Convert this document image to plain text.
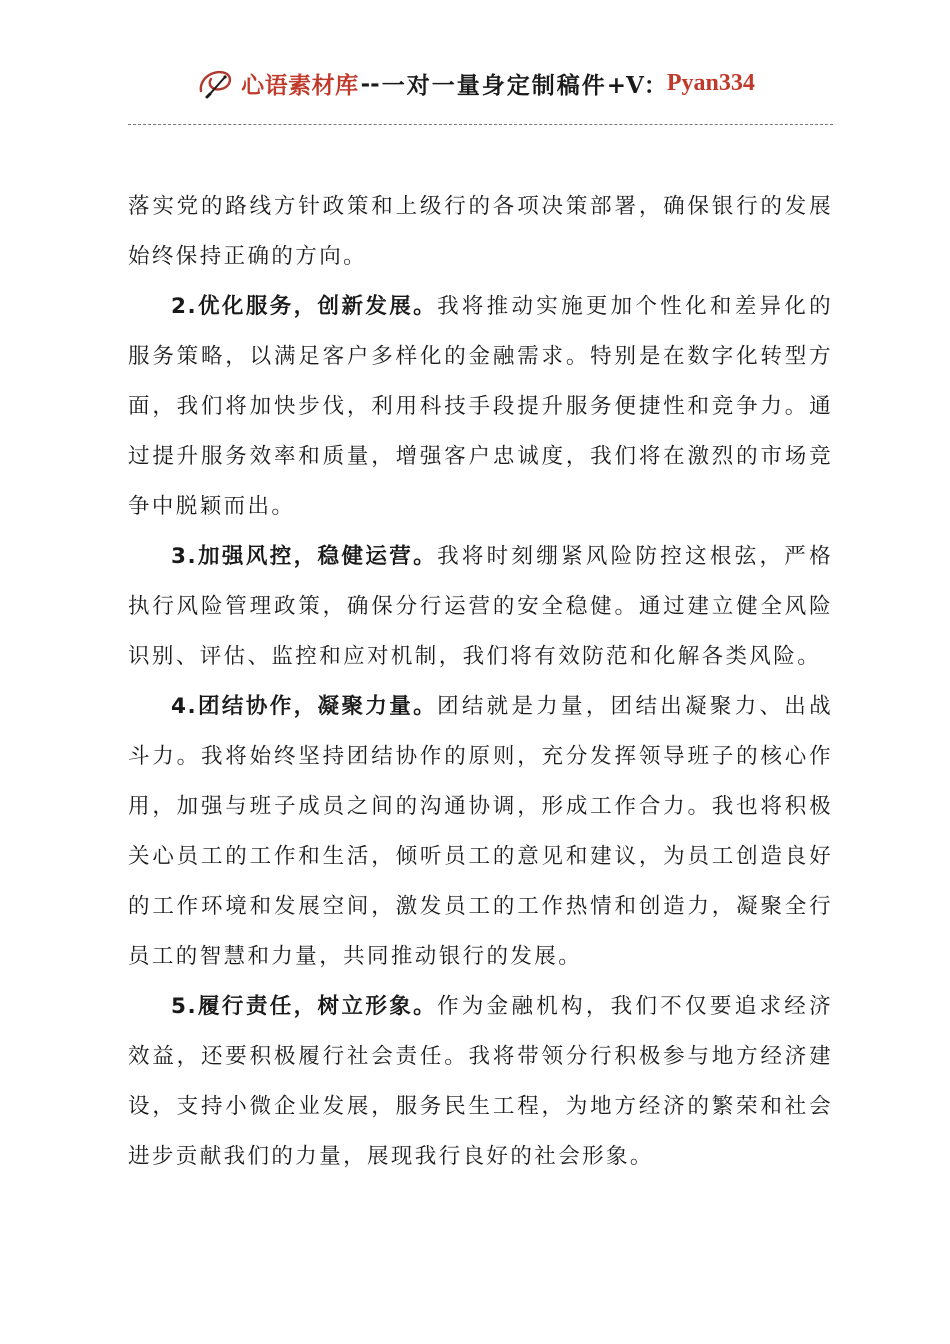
心语素材库 -- 一对一量身定制稿件 +V： Pyan334

落实党的路线方针政策和上级行的各项决策部署，确保银行的发展始终保持正确的方向。

2.优化服务，创新发展。我将推动实施更加个性化和差异化的服务策略，以满足客户多样化的金融需求。特别是在数字化转型方面，我们将加快步伐，利用科技手段提升服务便捷性和竞争力。通过提升服务效率和质量，增强客户忠诚度，我们将在激烈的市场竞争中脱颖而出。

3.加强风控，稳健运营。我将时刻绷紧风险防控这根弦，严格执行风险管理政策，确保分行运营的安全稳健。通过建立健全风险识别、评估、监控和应对机制，我们将有效防范和化解各类风险。

4.团结协作，凝聚力量。团结就是力量，团结出凝聚力、出战斗力。我将始终坚持团结协作的原则，充分发挥领导班子的核心作用，加强与班子成员之间的沟通协调，形成工作合力。我也将积极关心员工的工作和生活，倾听员工的意见和建议，为员工创造良好的工作环境和发展空间，激发员工的工作热情和创造力，凝聚全行员工的智慧和力量，共同推动银行的发展。

5.履行责任，树立形象。作为金融机构，我们不仅要追求经济效益，还要积极履行社会责任。我将带领分行积极参与地方经济建设，支持小微企业发展，服务民生工程，为地方经济的繁荣和社会进步贡献我们的力量，展现我行良好的社会形象。
